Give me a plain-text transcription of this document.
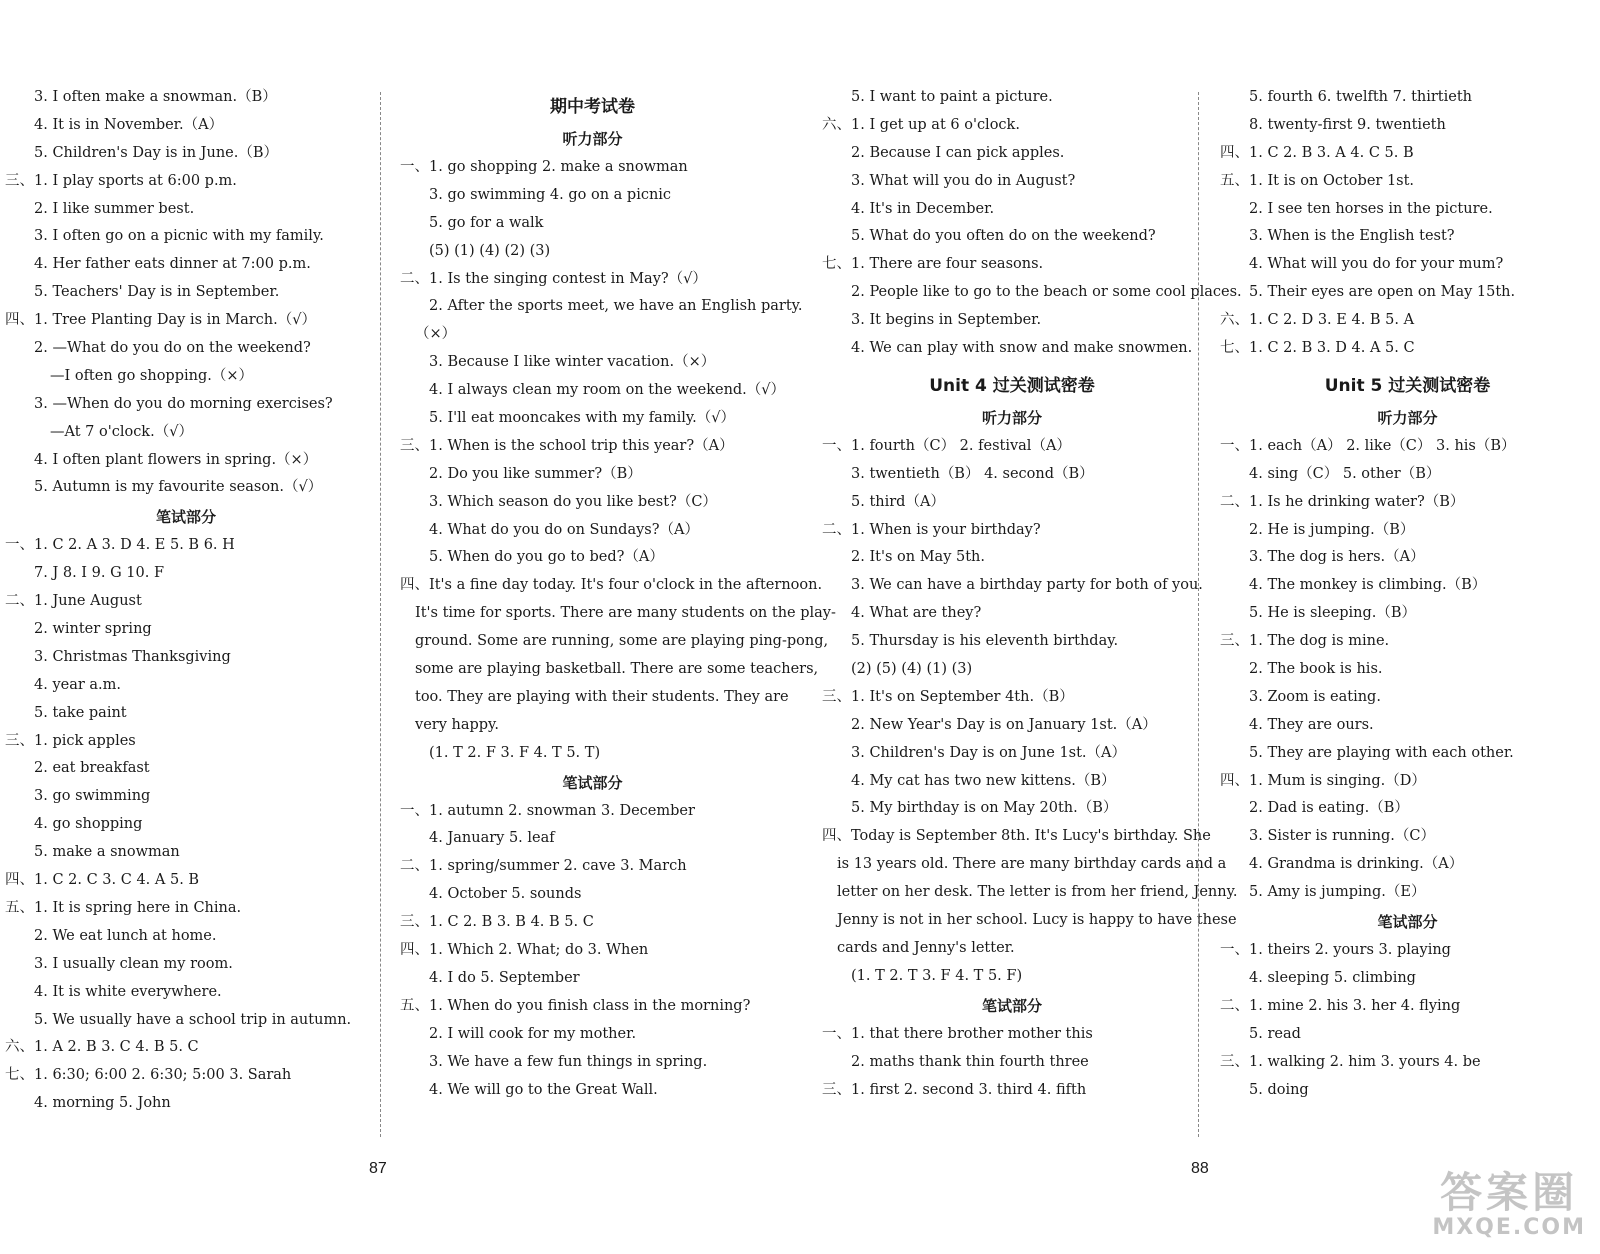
3. I often make a snowman.（B）
4. It is in November.（A）
5. Children's Day is in June.（B）
三、 1. I play sports at 6:00 p.m.
2. I like summer best.
3. I often go on a picnic with my family.
4. Her father eats dinner at 7:00 p.m.
5. Teachers' Day is in September.
四、 1. Tree Planting Day is in March.（√）
2. —What do you do on the weekend?
—I often go shopping.（×）
3. —When do you do morning exercises?
—At 7 o'clock.（√）
4. I often plant flowers in spring.（×）
5. Autumn is my favourite season.（√）
笔试部分
一、 1. C 2. A 3. D 4. E 5. B 6. H
7. J 8. I 9. G 10. F
二、 1. June August
2. winter spring
3. Christmas Thanksgiving
4. year a.m.
5. take paint
三、 1. pick apples
2. eat breakfast
3. go swimming
4. go shopping
5. make a snowman
四、 1. C 2. C 3. C 4. A 5. B
五、 1. It is spring here in China.
2. We eat lunch at home.
3. I usually clean my room.
4. It is white everywhere.
5. We usually have a school trip in autumn.
六、 1. A 2. B 3. C 4. B 5. C
七、 1. 6:30; 6:00 2. 6:30; 5:00 3. Sarah
4. morning 5. John
期中考试卷
听力部分
一、 1. go shopping 2. make a snowman
3. go swimming 4. go on a picnic
5. go for a walk
(5) (1) (4) (2) (3)
二、 1. Is the singing contest in May?（√）
2. After the sports meet, we have an English party.
（×）
3. Because I like winter vacation.（×）
4. I always clean my room on the weekend.（√）
5. I'll eat mooncakes with my family.（√）
三、 1. When is the school trip this year?（A）
2. Do you like summer?（B）
3. Which season do you like best?（C）
4. What do you do on Sundays?（A）
5. When do you go to bed?（A）
四、 It's a fine day today. It's four o'clock in the afternoon.
It's time for sports. There are many students on the play-
ground. Some are running, some are playing ping-pong,
some are playing basketball. There are some teachers,
too. They are playing with their students. They are
very happy.
(1. T 2. F 3. F 4. T 5. T)
笔试部分
一、 1. autumn 2. snowman 3. December
4. January 5. leaf
二、 1. spring/summer 2. cave 3. March
4. October 5. sounds
三、 1. C 2. B 3. B 4. B 5. C
四、 1. Which 2. What; do 3. When
4. I do 5. September
五、 1. When do you finish class in the morning?
2. I will cook for my mother.
3. We have a few fun things in spring.
4. We will go to the Great Wall.
5. I want to paint a picture.
六、 1. I get up at 6 o'clock.
2. Because I can pick apples.
3. What will you do in August?
4. It's in December.
5. What do you often do on the weekend?
七、 1. There are four seasons.
2. People like to go to the beach or some cool places.
3. It begins in September.
4. We can play with snow and make snowmen.
Unit 4 过关测试密卷
听力部分
一、 1. fourth（C） 2. festival（A）
3. twentieth（B） 4. second（B）
5. third（A）
二、 1. When is your birthday?
2. It's on May 5th.
3. We can have a birthday party for both of you.
4. What are they?
5. Thursday is his eleventh birthday.
(2) (5) (4) (1) (3)
三、 1. It's on September 4th.（B）
2. New Year's Day is on January 1st.（A）
3. Children's Day is on June 1st.（A）
4. My cat has two new kittens.（B）
5. My birthday is on May 20th.（B）
四、 Today is September 8th. It's Lucy's birthday. She
is 13 years old. There are many birthday cards and a
letter on her desk. The letter is from her friend, Jenny.
Jenny is not in her school. Lucy is happy to have these
cards and Jenny's letter.
(1. T 2. T 3. F 4. T 5. F)
笔试部分
一、 1. that there brother mother this
2. maths thank thin fourth three
三、 1. first 2. second 3. third 4. fifth
5. fourth 6. twelfth 7. thirtieth
8. twenty-first 9. twentieth
四、 1. C 2. B 3. A 4. C 5. B
五、 1. It is on October 1st.
2. I see ten horses in the picture.
3. When is the English test?
4. What will you do for your mum?
5. Their eyes are open on May 15th.
六、 1. C 2. D 3. E 4. B 5. A
七、 1. C 2. B 3. D 4. A 5. C
Unit 5 过关测试密卷
听力部分
一、 1. each（A） 2. like（C） 3. his（B）
4. sing（C） 5. other（B）
二、 1. Is he drinking water?（B）
2. He is jumping.（B）
3. The dog is hers.（A）
4. The monkey is climbing.（B）
5. He is sleeping.（B）
三、 1. The dog is mine.
2. The book is his.
3. Zoom is eating.
4. They are ours.
5. They are playing with each other.
四、 1. Mum is singing.（D）
2. Dad is eating.（B）
3. Sister is running.（C）
4. Grandma is drinking.（A）
5. Amy is jumping.（E）
笔试部分
一、 1. theirs 2. yours 3. playing
4. sleeping 5. climbing
二、 1. mine 2. his 3. her 4. flying
5. read
三、 1. walking 2. him 3. yours 4. be
5. doing
87	88	答案圈
MXQE.COM
